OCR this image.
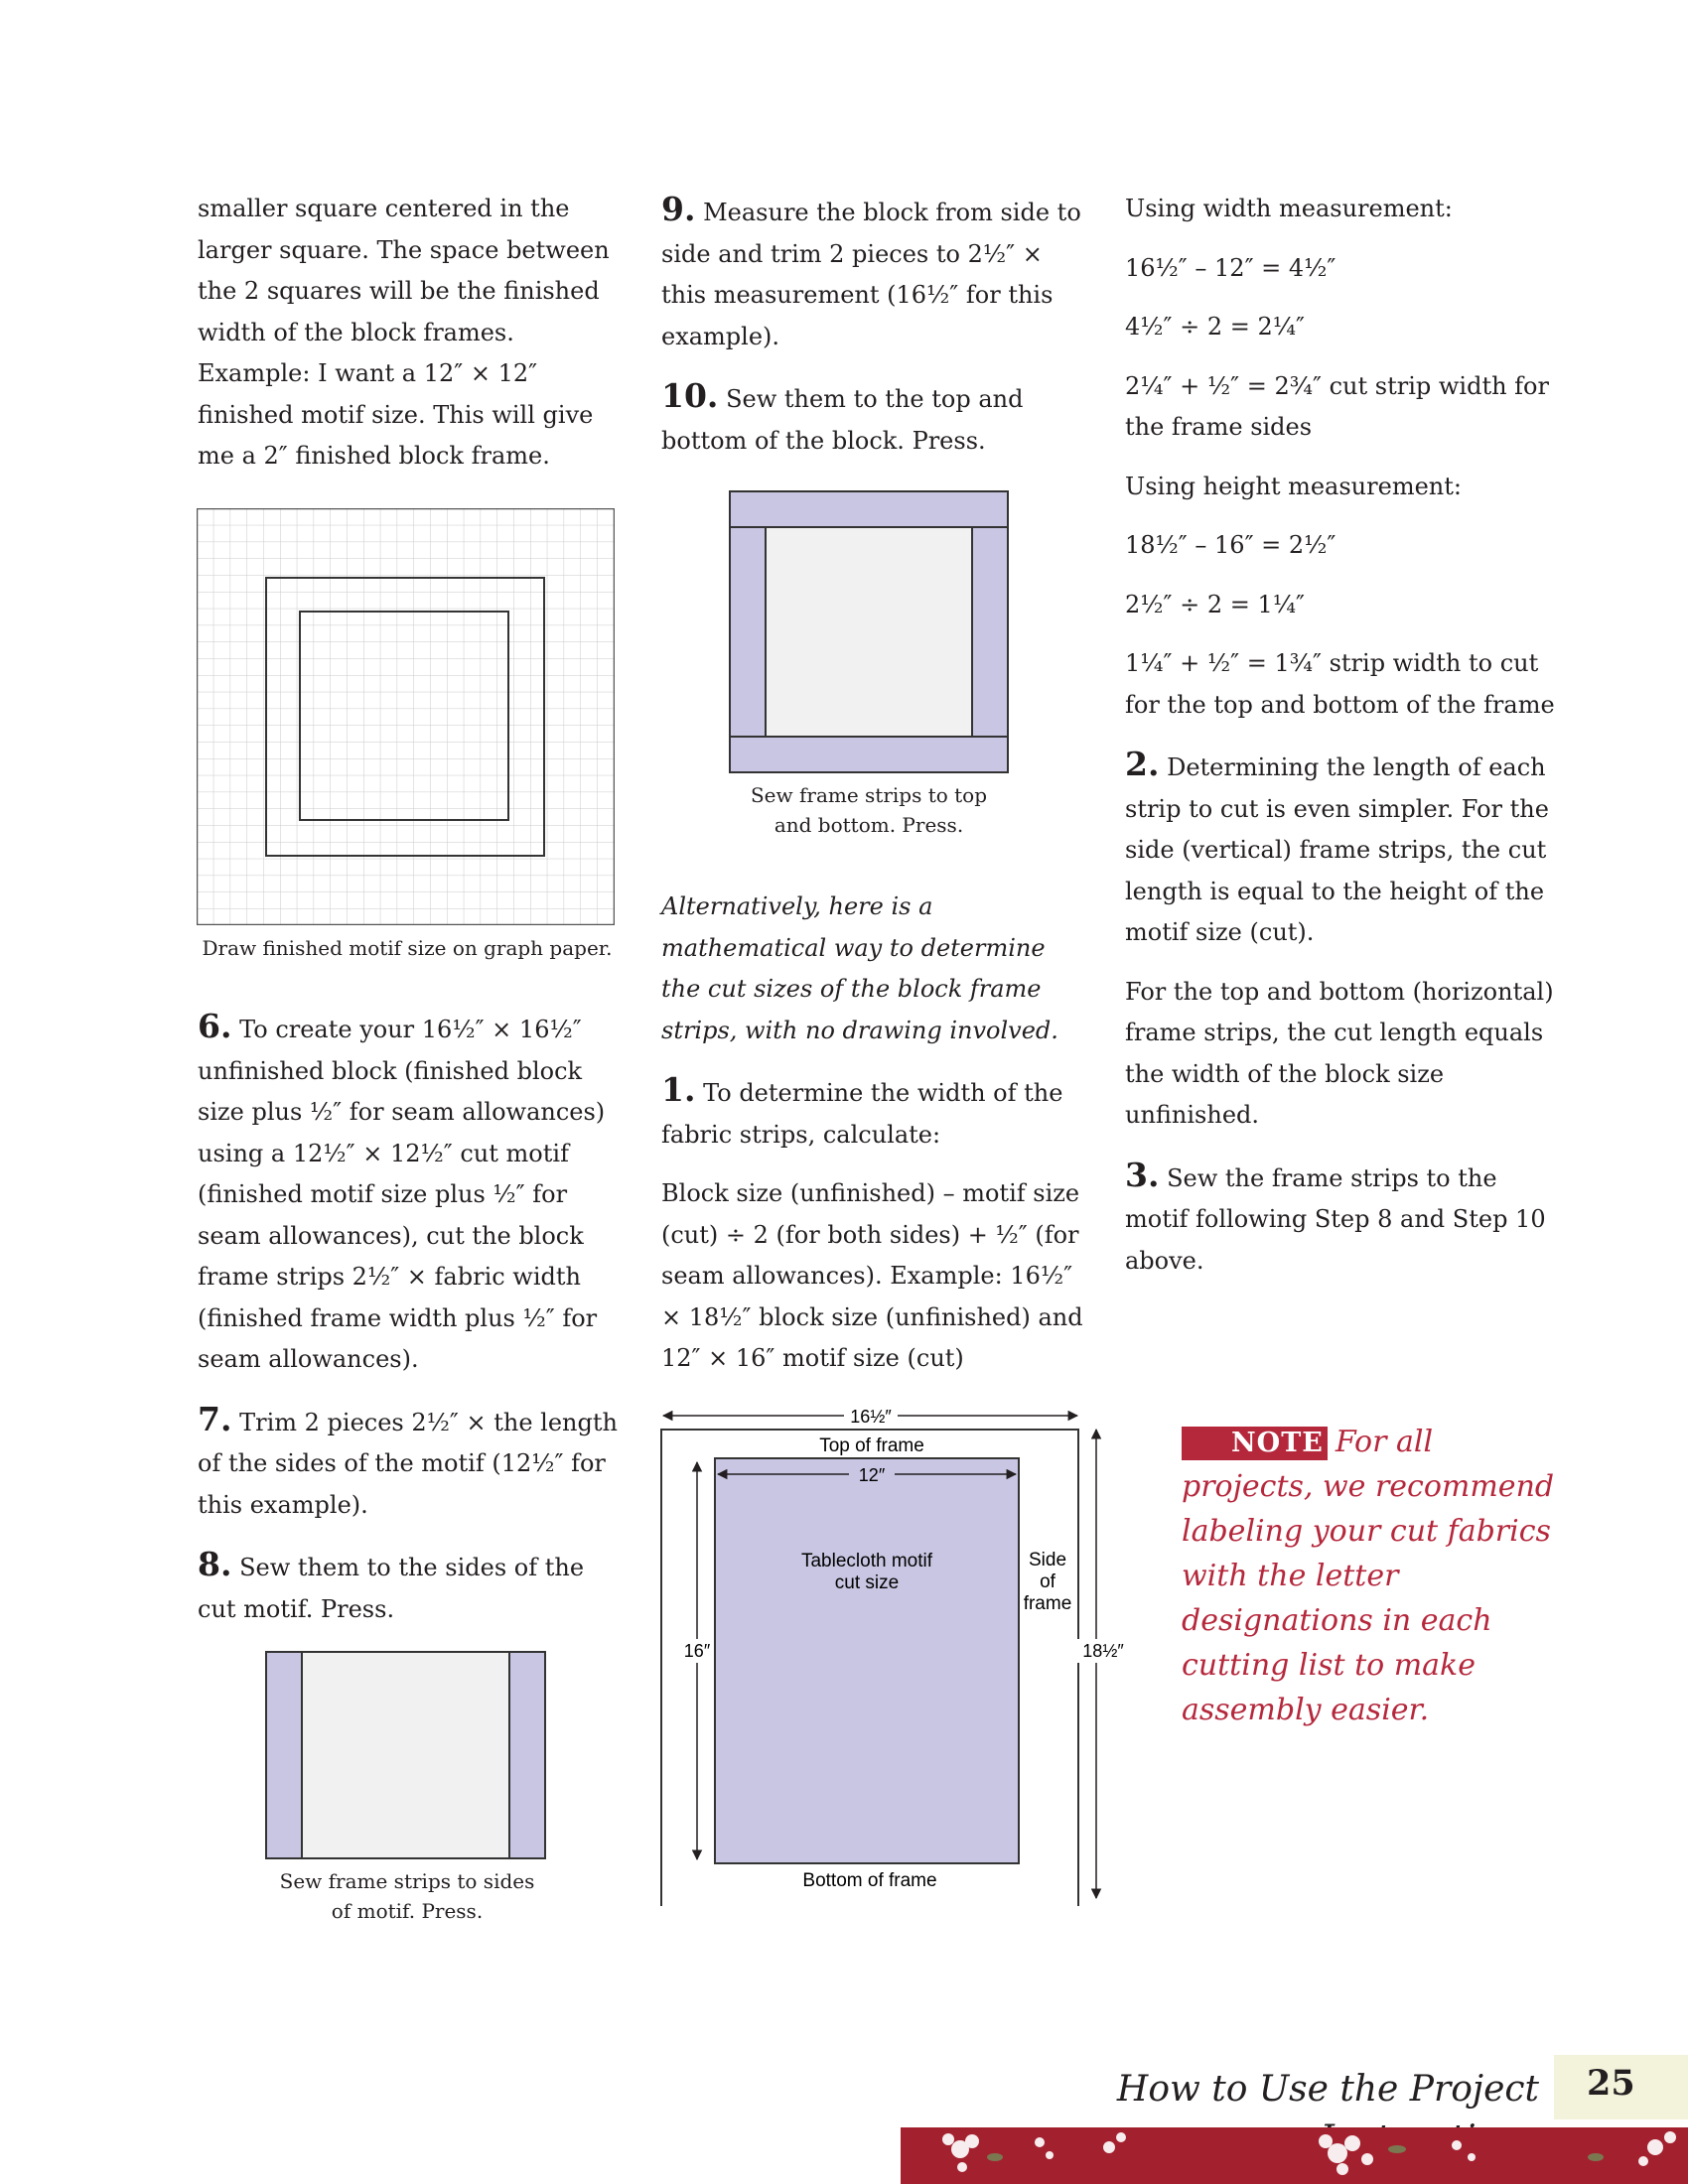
smaller square centered in the larger square. The space between the 2 squares will be the finished width of the block frames. Example: I want a 12″ × 12″ finished motif size. This will give me a 2″ finished block frame.

Draw finished motif size on graph paper.

6. To create your 16½″ × 16½″ unfinished block (finished block size plus ½″ for seam allowances) using a 12½″ × 12½″ cut motif (finished motif size plus ½″ for seam allowances), cut the block frame strips 2½″ × fabric width (finished frame width plus ½″ for seam allowances).

7. Trim 2 pieces 2½″ × the length of the sides of the motif (12½″ for this example).

8. Sew them to the sides of the cut motif. Press.

Sew frame strips to sides
of motif. Press.

9. Measure the block from side to side and trim 2 pieces to 2½″ × this measurement (16½″ for this example).

10. Sew them to the top and bottom of the block. Press.

Sew frame strips to top
and bottom. Press.

Alternatively, here is a mathematical way to determine the cut sizes of the block frame strips, with no drawing involved.

1. To determine the width of the fabric strips, calculate:

Block size (unfinished) – motif size (cut) ÷ 2 (for both sides) + ½″ (for seam allowances). Example: 16½″ × 18½″ block size (unfinished) and 12″ × 16″ motif size (cut)

16½″
Top of frame
12″
Tablecloth motif
cut size
Side
of
frame
16″	18½″
Bottom of frame

Using width measurement:

16½″ – 12″ = 4½″

4½″ ÷ 2 = 2¼″

2¼″ + ½″ = 2¾″ cut strip width for the frame sides

Using height measurement:

18½″ – 16″ = 2½″

2½″ ÷ 2 = 1¼″

1¼″ + ½″ = 1¾″ strip width to cut for the top and bottom of the frame

2. Determining the length of each strip to cut is even simpler. For the side (vertical) frame strips, the cut length is equal to the height of the motif size (cut).

For the top and bottom (horizontal) frame strips, the cut length equals the width of the block size unfinished.

3. Sew the frame strips to the motif following Step 8 and Step 10 above.

NOTE For all projects, we recommend labeling your cut fabrics with the letter designations in each cutting list to make assembly easier.
How to Use the Project 25
